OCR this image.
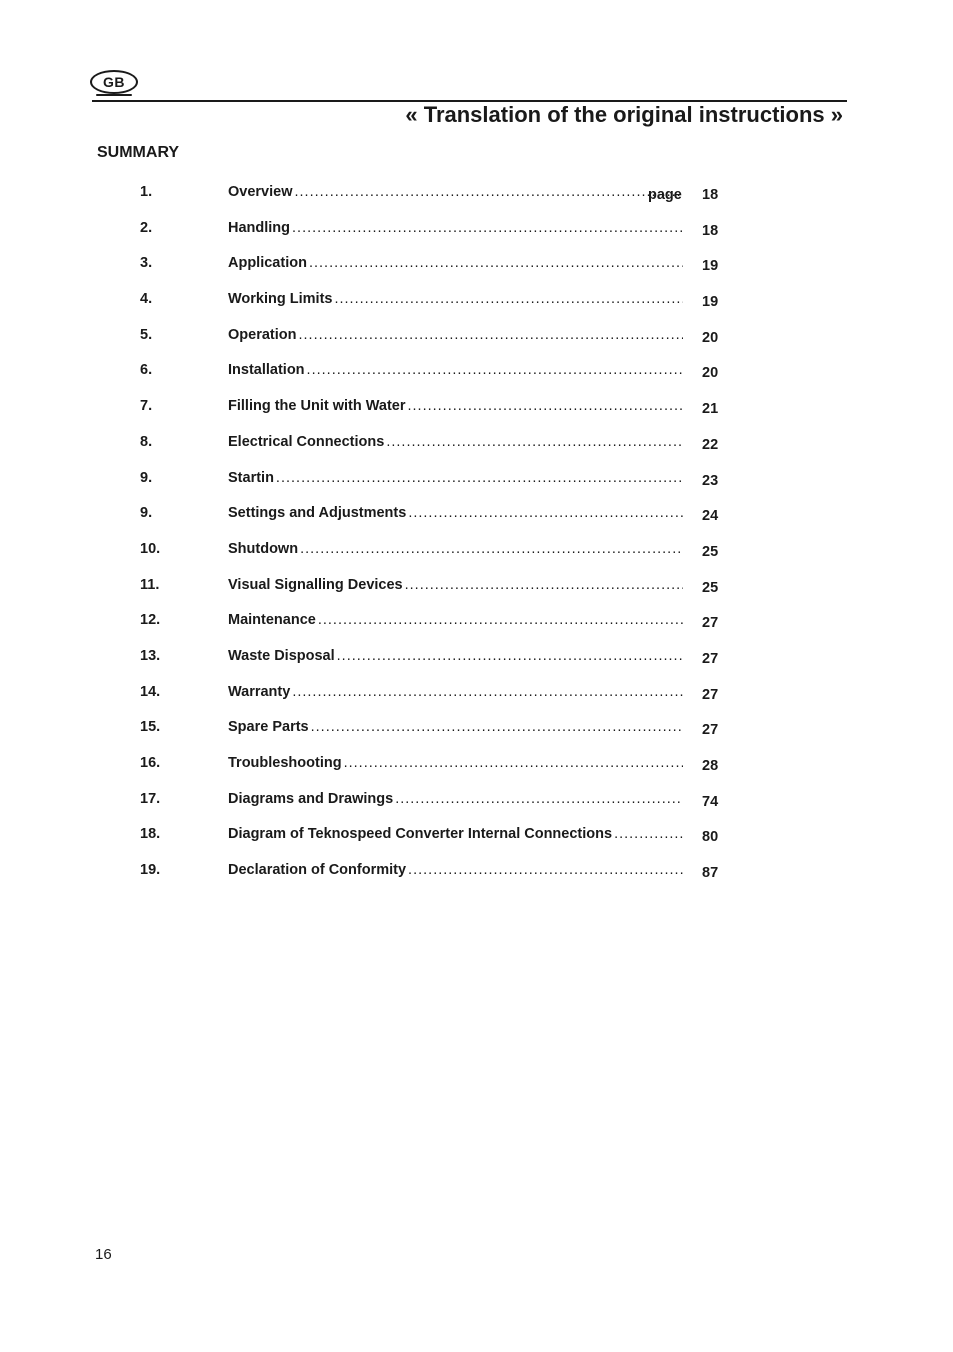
GB
« Translation of the original instructions »
SUMMARY
1.	Overview .....	page 18
2.	Handling .....	18
3.	Application .....	19
4.	Working Limits .....	19
5.	Operation .....	20
6.	Installation .....	20
7.	Filling the Unit with Water .....	21
8.	Electrical Connections .....	22
9.	Startin .....	23
9.	Settings and Adjustments .....	24
10.	Shutdown .....	25
11.	Visual Signalling Devices .....	25
12.	Maintenance .....	27
13.	Waste Disposal .....	27
14.	Warranty .....	27
15.	Spare Parts .....	27
16.	Troubleshooting .....	28
17.	Diagrams and Drawings .....	74
18.	Diagram of Teknospeed Converter Internal Connections .....	80
19.	Declaration of Conformity .....	87
16
